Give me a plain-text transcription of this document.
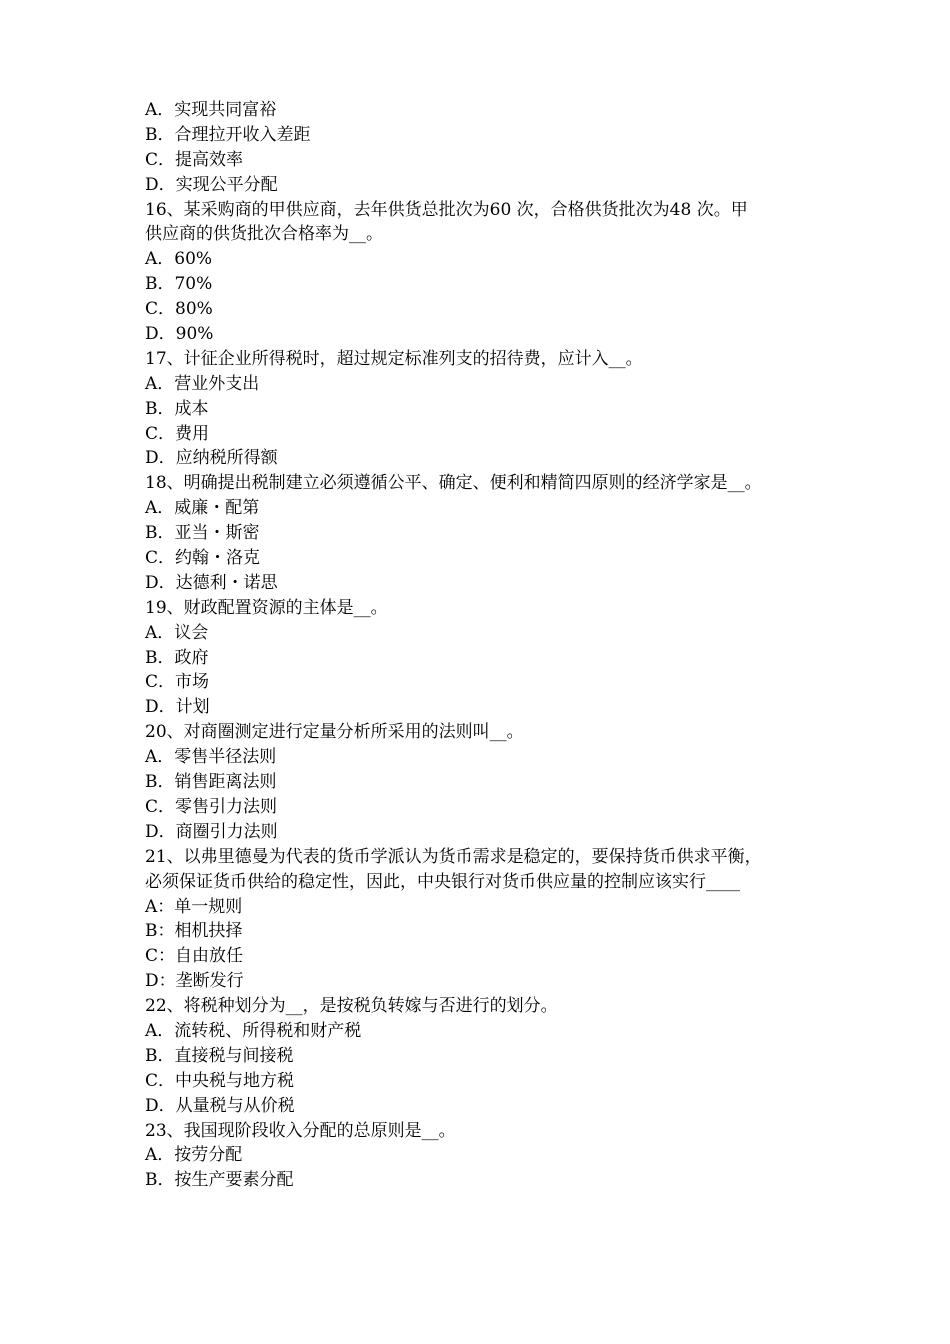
A．实现共同富裕
B．合理拉开收入差距
C．提高效率
D．实现公平分配
16、某采购商的甲供应商，去年供货总批次为60 次，合格供货批次为48 次。甲
供应商的供货批次合格率为__。
A．60%
B．70%
C．80%
D．90%
17、计征企业所得税时，超过规定标准列支的招待费，应计入__。
A．营业外支出
B．成本
C．费用
D．应纳税所得额
18、明确提出税制建立必须遵循公平、确定、便利和精简四原则的经济学家是__。
A．威廉・配第
B．亚当・斯密
C．约翰・洛克
D．达德利・诺思
19、财政配置资源的主体是__。
A．议会
B．政府
C．市场
D．计划
20、对商圈测定进行定量分析所采用的法则叫__。
A．零售半径法则
B．销售距离法则
C．零售引力法则
D．商圈引力法则
21、以弗里德曼为代表的货币学派认为货币需求是稳定的，要保持货币供求平衡，
必须保证货币供给的稳定性，因此，中央银行对货币供应量的控制应该实行____
A：单一规则
B：相机抉择
C：自由放任
D：垄断发行
22、将税种划分为__，是按税负转嫁与否进行的划分。
A．流转税、所得税和财产税
B．直接税与间接税
C．中央税与地方税
D．从量税与从价税
23、我国现阶段收入分配的总原则是__。
A．按劳分配
B．按生产要素分配
